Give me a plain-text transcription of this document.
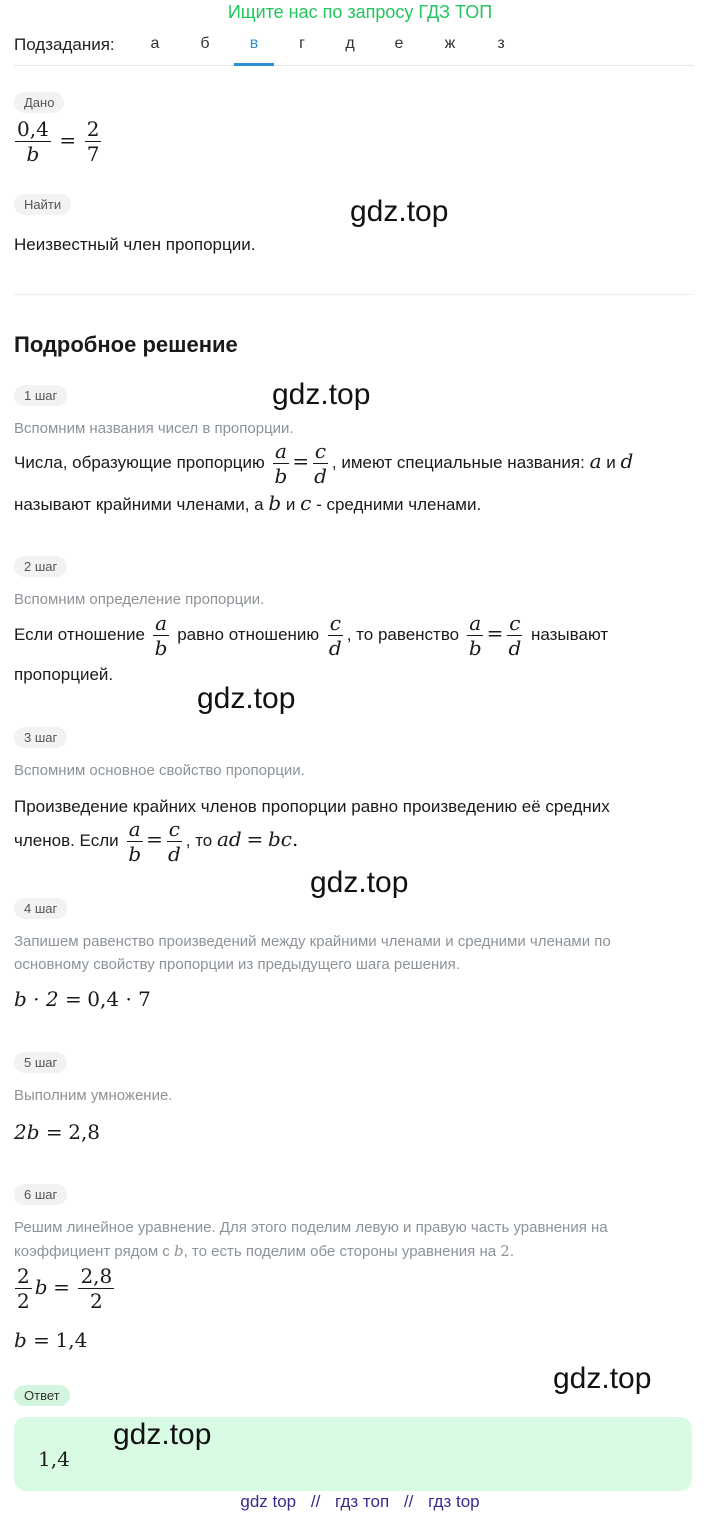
Ищите нас по запросу ГДЗ ТОП
Подзадания:	а	б	в	г	д	е	ж	з
Дано
$\frac{0,4}{b} = \frac{2}{7}$
Найти	gdz.top
Неизвестный член пропорции.
Подробное решение
1 шаг	gdz.top
Вспомним названия чисел в пропорции.
Числа, образующие пропорцию $\frac{a}{b} = \frac{c}{d}$ , имеют специальные названия: a и d
называют крайними членами, а b и c - средними членами.
2 шаг
Вспомним определение пропорции.
Если отношение $\frac{a}{b}$ равно отношению $\frac{c}{d}$ , то равенство $\frac{a}{b} = \frac{c}{d}$ называют
пропорцией.
gdz.top
3 шаг
Вспомним основное свойство пропорции.
Произведение крайних членов пропорции равно произведению её средних
членов. Если $\frac{a}{b} = \frac{c}{d}$ , то ad = bc.
gdz.top
4 шаг
Запишем равенство произведений между крайними членами и средними членами по
основному свойству пропорции из предыдущего шага решения.
b · 2 = 0,4 · 7
5 шаг
Выполним умножение.
2b = 2,8
6 шаг
Решим линейное уравнение. Для этого поделим левую и правую часть уравнения на
коэффициент рядом с b, то есть поделим обе стороны уравнения на 2.
$\frac{2}{2}$ $b = \frac{2,8}{2}$
b = 1,4
gdz.top
Ответ
1,4
gdz.top
gdz top // гдз топ // гдз top
